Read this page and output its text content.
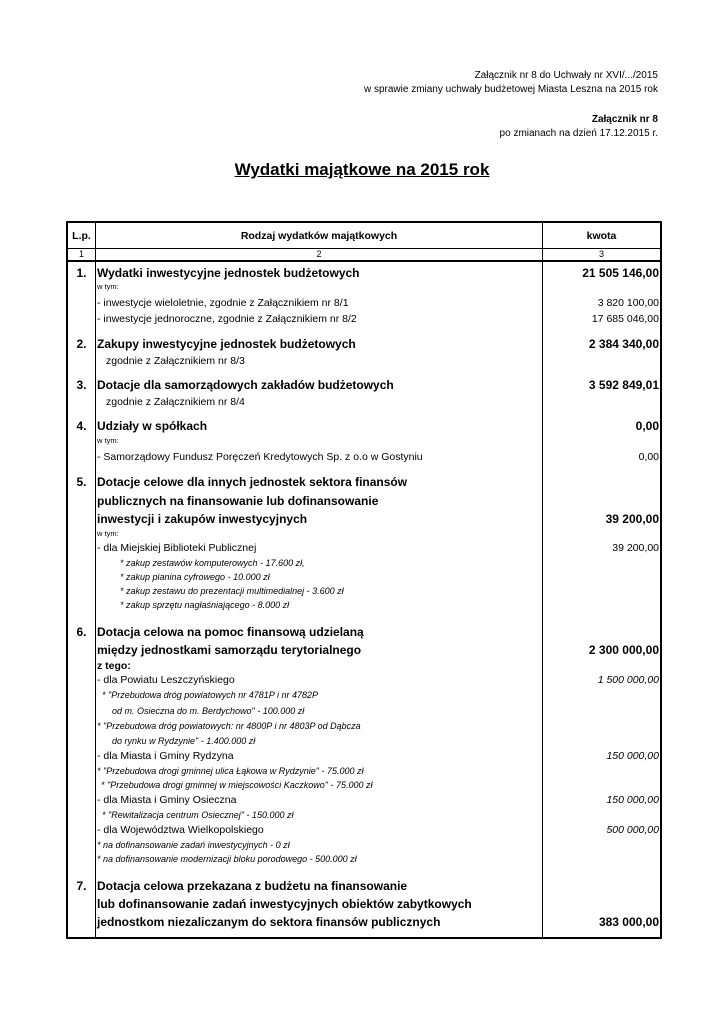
Załącznik nr 8 do Uchwały nr XVI/.../2015
w sprawie zmiany uchwały budżetowej Miasta Leszna na 2015 rok
Załącznik nr 8
po zmianach na dzień 17.12.2015 r.
Wydatki majątkowe na 2015 rok
L.p.	Rodzaj wydatków majątkowych	kwota
1	2	3
1. Wydatki inwestycyjne jednostek budżetowych	21 505 146,00
w tym:
- inwestycje wieloletnie, zgodnie z Załącznikiem nr 8/1	3 820 100,00
- inwestycje jednoroczne, zgodnie z Załącznikiem nr 8/2	17 685 046,00
2. Zakupy inwestycyjne jednostek budżetowych	2 384 340,00
zgodnie z Załącznikiem nr 8/3
3. Dotacje dla samorządowych zakładów budżetowych	3 592 849,01
zgodnie z Załącznikiem nr 8/4
4. Udziały w spółkach	0,00
w tym:
- Samorządowy Fundusz Poręczeń Kredytowych Sp. z o.o w Gostyniu	0,00
5. Dotacje celowe dla innych jednostek sektora finansów
publicznych na finansowanie lub dofinansowanie
inwestycji i zakupów inwestycyjnych	39 200,00
w tym:
- dla Miejskiej Biblioteki Publicznej	39 200,00
* zakup zestawów komputerowych - 17.600 zł,
* zakup pianina cyfrowego - 10.000 zł
* zakup zestawu do prezentacji multimedialnej - 3.600 zł
* zakup sprzętu nagłaśniającego - 8.000 zł
6. Dotacja celowa na pomoc finansową udzielaną
między jednostkami samorządu terytorialnego	2 300 000,00
z tego:
- dla Powiatu Leszczyńskiego	1 500 000,00
* "Przebudowa dróg powiatowych nr 4781P i nr 4782P
od m. Osieczna do m. Berdychowo" - 100.000 zł
* "Przebudowa dróg powiatowych: nr 4800P i nr 4803P od Dąbcza
do rynku w Rydzynie" - 1.400.000 zł
- dla Miasta i Gminy Rydzyna	150 000,00
* "Przebudowa drogi gminnej ulica Łąkowa w Rydzynie" - 75.000 zł
* "Przebudowa drogi gminnej w miejscowości Kaczkowo" - 75.000 zł
- dla Miasta i Gminy Osieczna	150 000,00
* "Rewitalizacja centrum Osiecznej" - 150.000 zł
- dla Województwa Wielkopolskiego	500 000,00
* na dofinansowanie zadań inwestycyjnych - 0 zł
* na dofinansowanie modernizacji bloku porodowego - 500.000 zł
7. Dotacja celowa przekazana z budżetu na finansowanie
lub dofinansowanie zadań inwestycyjnych obiektów zabytkowych
jednostkom niezaliczanym do sektora finansów publicznych	383 000,00
